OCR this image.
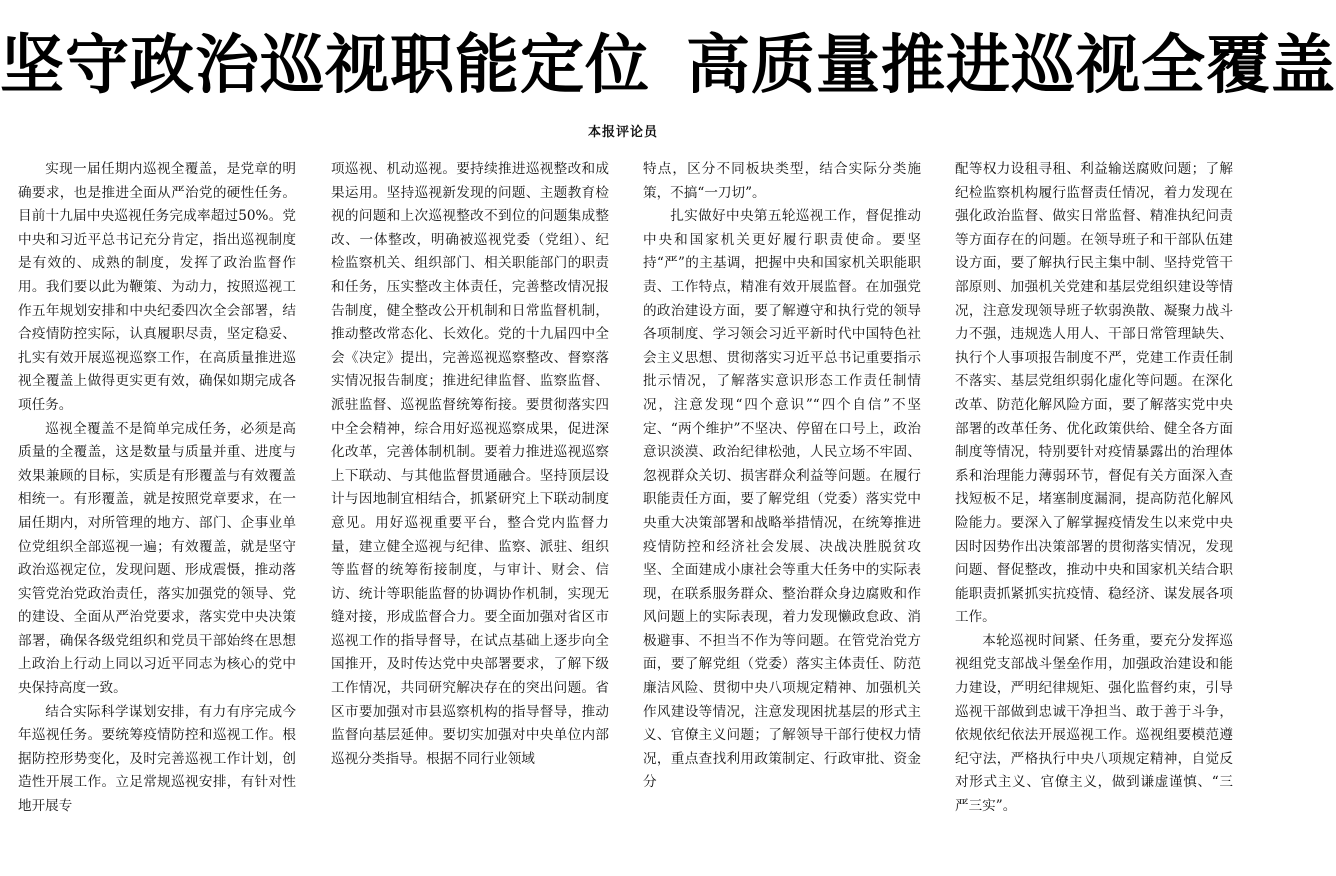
坚守政治巡视职能定位 高质量推进巡视全覆盖
本报评论员

实现一届任期内巡视全覆盖，是党章的明确要求，也是推进全面从严治党的硬性任务。目前十九届中央巡视任务完成率超过50%。党中央和习近平总书记充分肯定，指出巡视制度是有效的、成熟的制度，发挥了政治监督作用。我们要以此为鞭策、为动力，按照巡视工作五年规划安排和中央纪委四次全会部署，结合疫情防控实际，认真履职尽责，坚定稳妥、扎实有效开展巡视巡察工作，在高质量推进巡视全覆盖上做得更实更有效，确保如期完成各项任务。

巡视全覆盖不是简单完成任务，必须是高质量的全覆盖，这是数量与质量并重、进度与效果兼顾的目标，实质是有形覆盖与有效覆盖相统一。有形覆盖，就是按照党章要求，在一届任期内，对所管理的地方、部门、企事业单位党组织全部巡视一遍；有效覆盖，就是坚守政治巡视定位，发现问题、形成震慑，推动落实管党治党政治责任，落实加强党的领导、党的建设、全面从严治党要求，落实党中央决策部署，确保各级党组织和党员干部始终在思想上政治上行动上同以习近平同志为核心的党中央保持高度一致。

结合实际科学谋划安排，有力有序完成今年巡视任务。要统筹疫情防控和巡视工作。根据防控形势变化，及时完善巡视工作计划，创造性开展工作。立足常规巡视安排，有针对性地开展专

项巡视、机动巡视。要持续推进巡视整改和成果运用。坚持巡视新发现的问题、主题教育检视的问题和上次巡视整改不到位的问题集成整改、一体整改，明确被巡视党委（党组）、纪检监察机关、组织部门、相关职能部门的职责和任务，压实整改主体责任，完善整改情况报告制度，健全整改公开机制和日常监督机制，推动整改常态化、长效化。党的十九届四中全会《决定》提出，完善巡视巡察整改、督察落实情况报告制度；推进纪律监督、监察监督、派驻监督、巡视监督统筹衔接。要贯彻落实四中全会精神，综合用好巡视巡察成果，促进深化改革，完善体制机制。要着力推进巡视巡察上下联动、与其他监督贯通融合。坚持顶层设计与因地制宜相结合，抓紧研究上下联动制度意见。用好巡视重要平台，整合党内监督力量，建立健全巡视与纪律、监察、派驻、组织等监督的统筹衔接制度，与审计、财会、信访、统计等职能监督的协调协作机制，实现无缝对接，形成监督合力。要全面加强对省区市巡视工作的指导督导，在试点基础上逐步向全国推开，及时传达党中央部署要求，了解下级工作情况，共同研究解决存在的突出问题。省区市要加强对市县巡察机构的指导督导，推动监督向基层延伸。要切实加强对中央单位内部巡视分类指导。根据不同行业领域

特点，区分不同板块类型，结合实际分类施策，不搞“一刀切”。

扎实做好中央第五轮巡视工作，督促推动中央和国家机关更好履行职责使命。要坚持“严”的主基调，把握中央和国家机关职能职责、工作特点，精准有效开展监督。在加强党的政治建设方面，要了解遵守和执行党的领导各项制度、学习领会习近平新时代中国特色社会主义思想、贯彻落实习近平总书记重要指示批示情况，了解落实意识形态工作责任制情况，注意发现“四个意识”“四个自信”不坚定、“两个维护”不坚决、停留在口号上，政治意识淡漠、政治纪律松弛，人民立场不牢固、忽视群众关切、损害群众利益等问题。在履行职能责任方面，要了解党组（党委）落实党中央重大决策部署和战略举措情况，在统筹推进疫情防控和经济社会发展、决战决胜脱贫攻坚、全面建成小康社会等重大任务中的实际表现，在联系服务群众、整治群众身边腐败和作风问题上的实际表现，着力发现懒政怠政、消极避事、不担当不作为等问题。在管党治党方面，要了解党组（党委）落实主体责任、防范廉洁风险、贯彻中央八项规定精神、加强机关作风建设等情况，注意发现困扰基层的形式主义、官僚主义问题；了解领导干部行使权力情况，重点查找利用政策制定、行政审批、资金分

配等权力设租寻租、利益输送腐败问题；了解纪检监察机构履行监督责任情况，着力发现在强化政治监督、做实日常监督、精准执纪问责等方面存在的问题。在领导班子和干部队伍建设方面，要了解执行民主集中制、坚持党管干部原则、加强机关党建和基层党组织建设等情况，注意发现领导班子软弱涣散、凝聚力战斗力不强，违规选人用人、干部日常管理缺失、执行个人事项报告制度不严，党建工作责任制不落实、基层党组织弱化虚化等问题。在深化改革、防范化解风险方面，要了解落实党中央部署的改革任务、优化政策供给、健全各方面制度等情况，特别要针对疫情暴露出的治理体系和治理能力薄弱环节，督促有关方面深入查找短板不足，堵塞制度漏洞，提高防范化解风险能力。要深入了解掌握疫情发生以来党中央因时因势作出决策部署的贯彻落实情况，发现问题、督促整改，推动中央和国家机关结合职能职责抓紧抓实抗疫情、稳经济、谋发展各项工作。

本轮巡视时间紧、任务重，要充分发挥巡视组党支部战斗堡垒作用，加强政治建设和能力建设，严明纪律规矩、强化监督约束，引导巡视干部做到忠诚干净担当、敢于善于斗争，依规依纪依法开展巡视工作。巡视组要模范遵纪守法，严格执行中央八项规定精神，自觉反对形式主义、官僚主义，做到谦虚谨慎、“三严三实”。
